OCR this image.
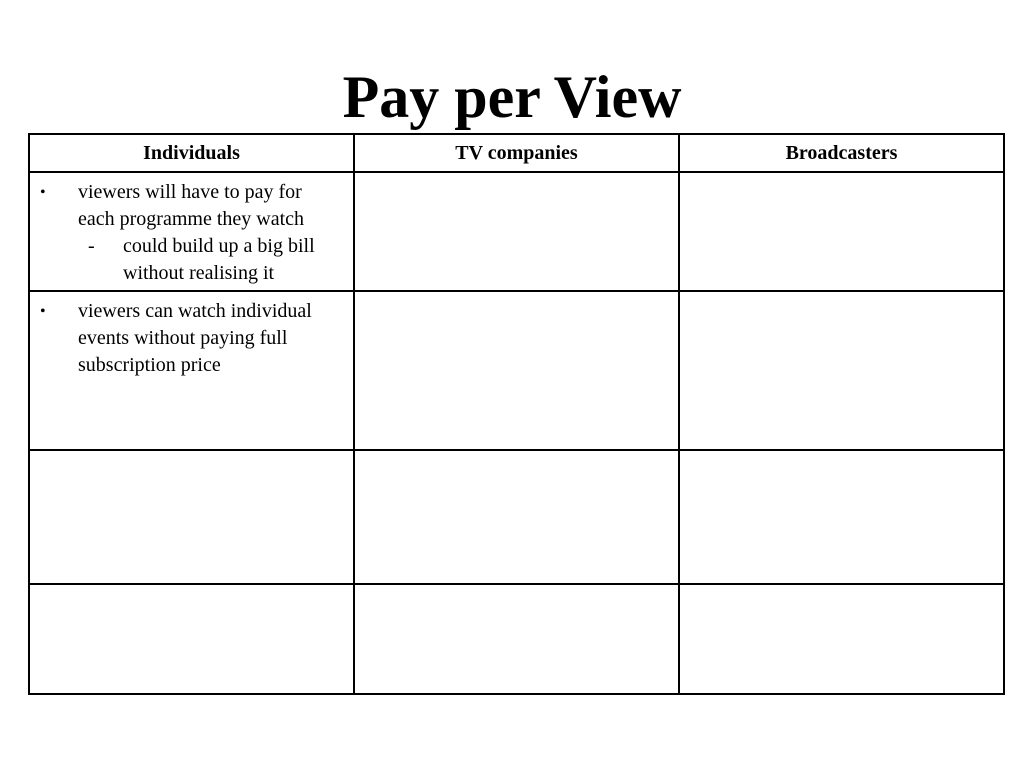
Pay per View
Individuals	TV companies	Broadcasters

• viewers will have to pay for each programme they watch
- could build up a big bill without realising it		

• viewers can watch individual events without paying full subscription price		
